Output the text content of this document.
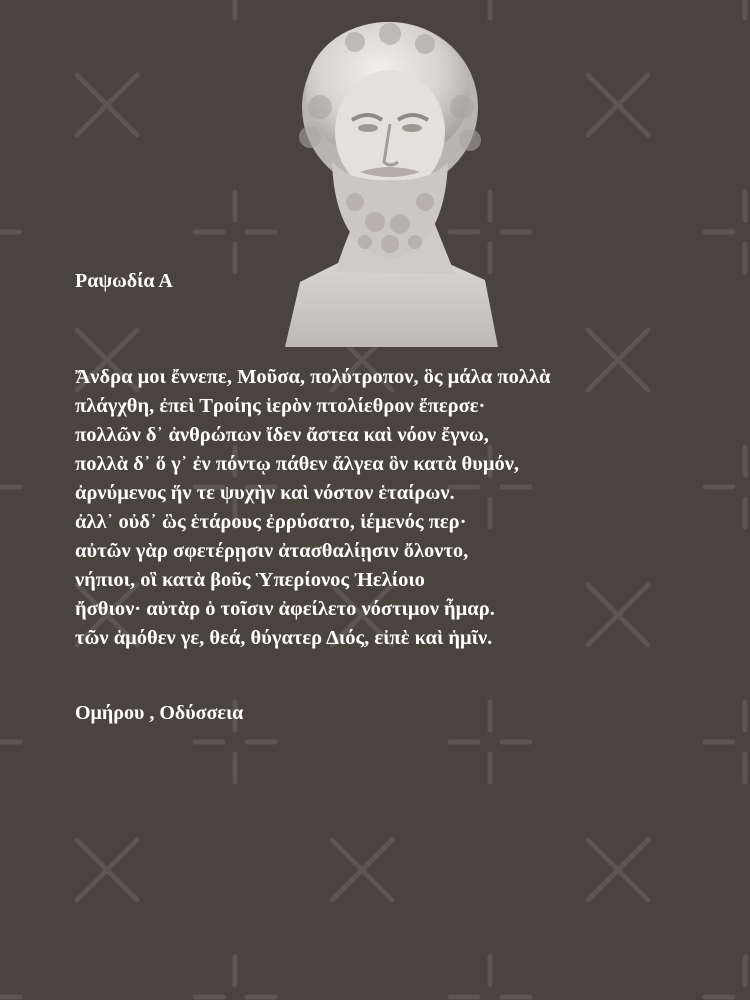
Ραψωδία Α
Ἄνδρα μοι ἔννεπε, Μοῦσα, πολύτροπον, ὃς μάλα πολλὰ
πλάγχθη, ἐπεὶ Τροίης ἱερὸν πτολίεθρον ἔπερσε·
πολλῶν δ᾽ ἀνθρώπων ἴδεν ἄστεα καὶ νόον ἔγνω,
πολλὰ δ᾽ ὅ γ᾽ ἐν πόντῳ πάθεν ἄλγεα ὃν κατὰ θυμόν,
ἀρνύμενος ἥν τε ψυχὴν καὶ νόστον ἑταίρων.
ἀλλ᾽ οὐδ᾽ ὣς ἑτάρους ἐρρύσατο, ἱέμενός περ·
αὐτῶν γὰρ σφετέρῃσιν ἀτασθαλίῃσιν ὄλοντο,
νήπιοι, οἳ κατὰ βοῦς Ὑπερίονος Ἠελίοιο
ἤσθιον· αὐτὰρ ὁ τοῖσιν ἀφείλετο νόστιμον ἦμαρ.
τῶν ἁμόθεν γε, θεά, θύγατερ Διός, εἰπὲ καὶ ἡμῖν.
Ομήρου , Οδύσσεια
